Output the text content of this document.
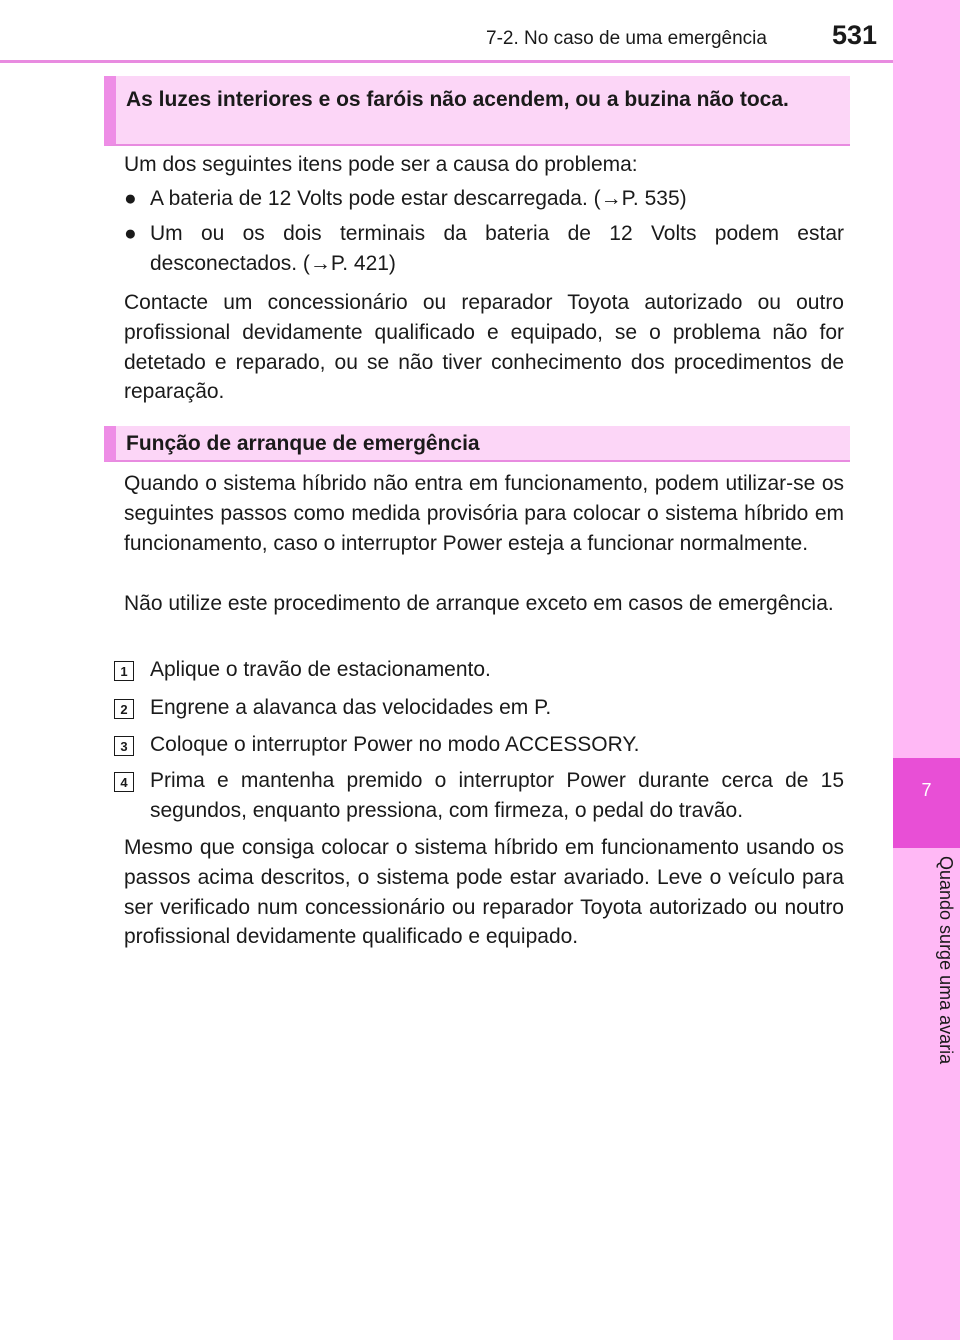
7
Quando surge uma avaria
7-2. No caso de uma emergência 531
As luzes interiores e os faróis não acendem, ou a buzina não toca.

Um dos seguintes itens pode ser a causa do problema:

● A bateria de 12 Volts pode estar descarregada. (→P. 535)
● Um ou os dois terminais da bateria de 12 Volts podem estar desconectados. (→P. 421)

Contacte um concessionário ou reparador Toyota autorizado ou outro profissional devidamente qualificado e equipado, se o problema não for detetado e reparado, ou se não tiver conhecimento dos procedimentos de reparação.

Função de arranque de emergência

Quando o sistema híbrido não entra em funcionamento, podem utilizar-se os seguintes passos como medida provisória para colocar o sistema híbrido em funcionamento, caso o interruptor Power esteja a funcionar normalmente.

Não utilize este procedimento de arranque exceto em casos de emergência.

1	Aplique o travão de estacionamento.
2	Engrene a alavanca das velocidades em P.
3	Coloque o interruptor Power no modo ACCESSORY.
4	Prima e mantenha premido o interruptor Power durante cerca de 15 segundos, enquanto pressiona, com firmeza, o pedal do travão.

Mesmo que consiga colocar o sistema híbrido em funcionamento usando os passos acima descritos, o sistema pode estar avariado. Leve o veículo para ser verificado num concessionário ou reparador Toyota autorizado ou noutro profissional devidamente qualificado e equipado.
